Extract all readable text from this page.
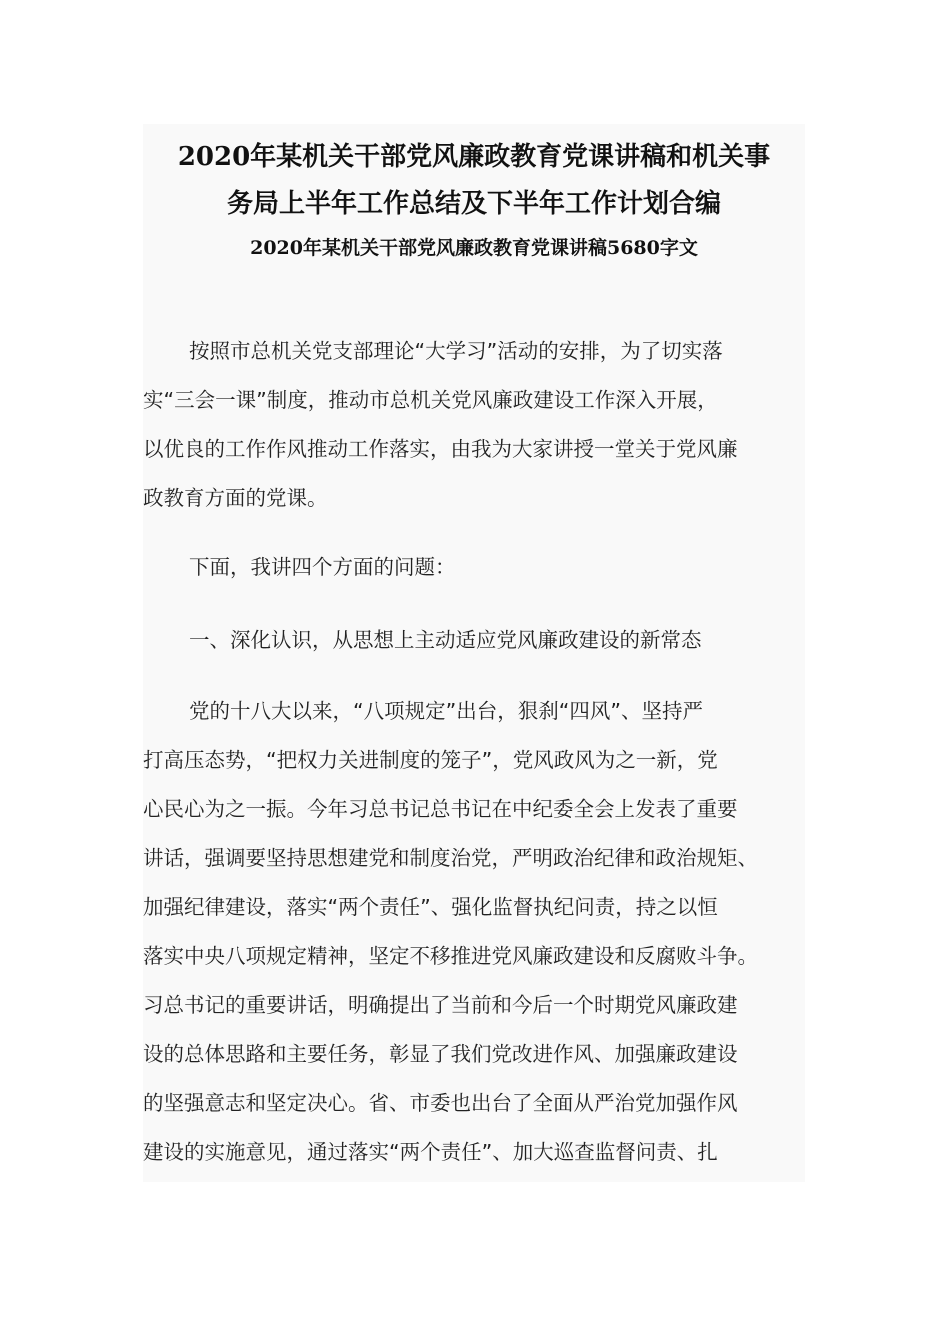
2020年某机关干部党风廉政教育党课讲稿和机关事
务局上半年工作总结及下半年工作计划合编
2020年某机关干部党风廉政教育党课讲稿5680字文
按照市总机关党支部理论“大学习”活动的安排，为了切实落
实“三会一课”制度，推动市总机关党风廉政建设工作深入开展，
以优良的工作作风推动工作落实，由我为大家讲授一堂关于党风廉
政教育方面的党课。
下面，我讲四个方面的问题：
一、深化认识，从思想上主动适应党风廉政建设的新常态
党的十八大以来，“八项规定”出台，狠刹“四风”、坚持严
打高压态势，“把权力关进制度的笼子”，党风政风为之一新，党
心民心为之一振。今年习总书记总书记在中纪委全会上发表了重要
讲话，强调要坚持思想建党和制度治党，严明政治纪律和政治规矩、
加强纪律建设，落实“两个责任”、强化监督执纪问责，持之以恒
落实中央八项规定精神，坚定不移推进党风廉政建设和反腐败斗争。
习总书记的重要讲话，明确提出了当前和今后一个时期党风廉政建
设的总体思路和主要任务，彰显了我们党改进作风、加强廉政建设
的坚强意志和坚定决心。省、市委也出台了全面从严治党加强作风
建设的实施意见，通过落实“两个责任”、加大巡查监督问责、扎
